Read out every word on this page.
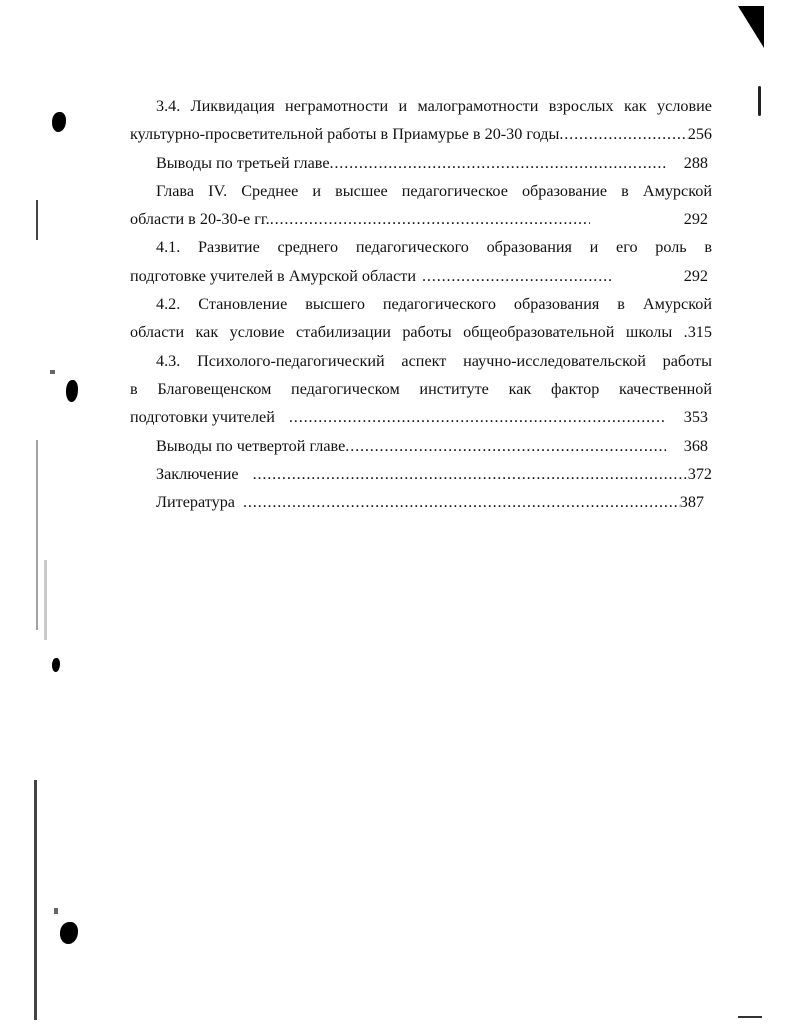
3.4. Ликвидация неграмотности и малограмотности взрослых как условие
культурно-просветительной работы в Приамурье в 20-30 годы . . .	256
Выводы по третьей главе . . .	288
Глава IV. Среднее и высшее педагогическое образование в Амурской
области в 20-30-е гг. . . .	292
4.1. Развитие среднего педагогического образования и его роль в
подготовке учителей в Амурской области . . .	292
4.2. Становление высшего педагогического образования в Амурской
области как условие стабилизации работы общеобразовательной школы .315
4.3. Психолого-педагогический аспект научно-исследовательской работы
в Благовещенском педагогическом институте как фактор качественной
подготовки учителей . . .	353
Выводы по четвертой главе . . .	368
Заключение . . .	372
Литература . . .	387
